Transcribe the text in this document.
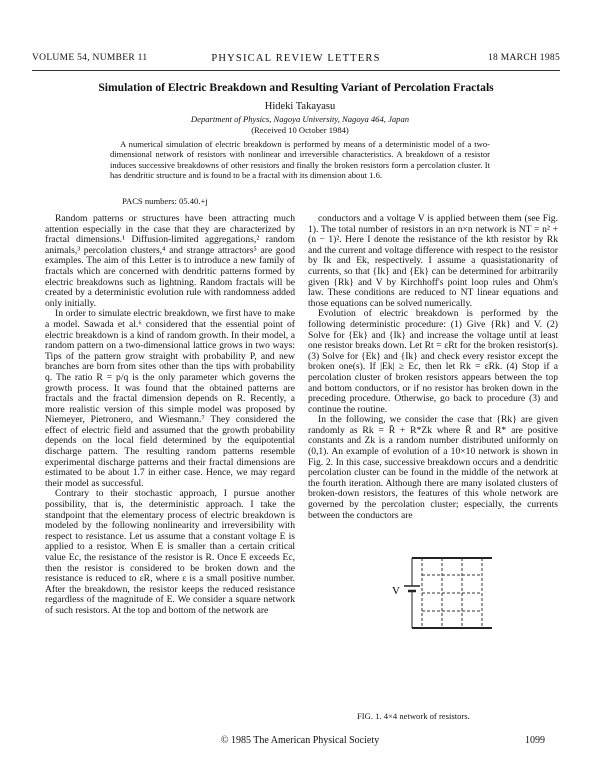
VOLUME 54, NUMBER 11	PHYSICAL REVIEW LETTERS	18 MARCH 1985
Simulation of Electric Breakdown and Resulting Variant of Percolation Fractals
Hideki Takayasu
Department of Physics, Nagoya University, Nagoya 464, Japan
(Received 10 October 1984)
A numerical simulation of electric breakdown is performed by means of a deterministic model of a two-dimensional network of resistors with nonlinear and irreversible characteristics. A breakdown of a resistor induces successive breakdowns of other resistors and finally the broken resistors form a percolation cluster. It has dendritic structure and is found to be a fractal with its dimension about 1.6.
PACS numbers: 05.40.+j

Random patterns or structures have been attracting much attention especially in the case that they are characterized by fractal dimensions.¹ Diffusion-limited aggregations,² random animals,³ percolation clusters,⁴ and strange attractors⁵ are good examples. The aim of this Letter is to introduce a new family of fractals which are concerned with dendritic patterns formed by electric breakdowns such as lightning. Random fractals will be created by a deterministic evolution rule with randomness added only initially.

In order to simulate electric breakdown, we first have to make a model. Sawada et al.⁶ considered that the essential point of electric breakdown is a kind of random growth. In their model, a random pattern on a two-dimensional lattice grows in two ways: Tips of the pattern grow straight with probability P, and new branches are born from sites other than the tips with probability q. The ratio R = p/q is the only parameter which governs the growth process. It was found that the obtained patterns are fractals and the fractal dimension depends on R. Recently, a more realistic version of this simple model was proposed by Niemeyer, Pietronero, and Wiesmann.⁷ They considered the effect of electric field and assumed that the growth probability depends on the local field determined by the equipotential discharge pattern. The resulting random patterns resemble experimental discharge patterns and their fractal dimensions are estimated to be about 1.7 in either case. Hence, we may regard their model as successful.

Contrary to their stochastic approach, I pursue another possibility, that is, the deterministic approach. I take the standpoint that the elementary process of electric breakdown is modeled by the following nonlinearity and irreversibility with respect to resistance. Let us assume that a constant voltage E is applied to a resistor. When E is smaller than a certain critical value Ec, the resistance of the resistor is R. Once E exceeds Ec, then the resistor is considered to be broken down and the resistance is reduced to εR, where ε is a small positive number. After the breakdown, the resistor keeps the reduced resistance regardless of the magnitude of E. We consider a square network of such resistors. At the top and bottom of the network are

conductors and a voltage V is applied between them (see Fig. 1). The total number of resistors in an n×n network is NT = n² + (n − 1)². Here I denote the resistance of the kth resistor by Rk and the current and voltage difference with respect to the resistor by Ik and Ek, respectively. I assume a quasistationarity of currents, so that {Ik} and {Ek} can be determined for arbitrarily given {Rk} and V by Kirchhoff's point loop rules and Ohm's law. These conditions are reduced to NT linear equations and those equations can be solved numerically.

Evolution of electric breakdown is performed by the following deterministic procedure: (1) Give {Rk} and V. (2) Solve for {Ek} and {Ik} and increase the voltage until at least one resistor breaks down. Let Rt = εRt for the broken resistor(s). (3) Solve for {Ek} and {Ik} and check every resistor except the broken one(s). If |Ek| ≥ Ec, then let Rk = εRk. (4) Stop if a percolation cluster of broken resistors appears between the top and bottom conductors, or if no resistor has broken down in the preceding procedure. Otherwise, go back to procedure (3) and continue the routine.

In the following, we consider the case that {Rk} are given randomly as Rk = R̄ + R*Zk where R̄ and R* are positive constants and Zk is a random number distributed uniformly on (0,1). An example of evolution of a 10×10 network is shown in Fig. 2. In this case, successive breakdown occurs and a dendritic percolation cluster can be found in the middle of the network at the fourth iteration. Although there are many isolated clusters of broken-down resistors, the features of this whole network are governed by the percolation cluster; especially, the currents between the conductors are

V
FIG. 1. 4×4 network of resistors.
© 1985 The American Physical Society	1099
